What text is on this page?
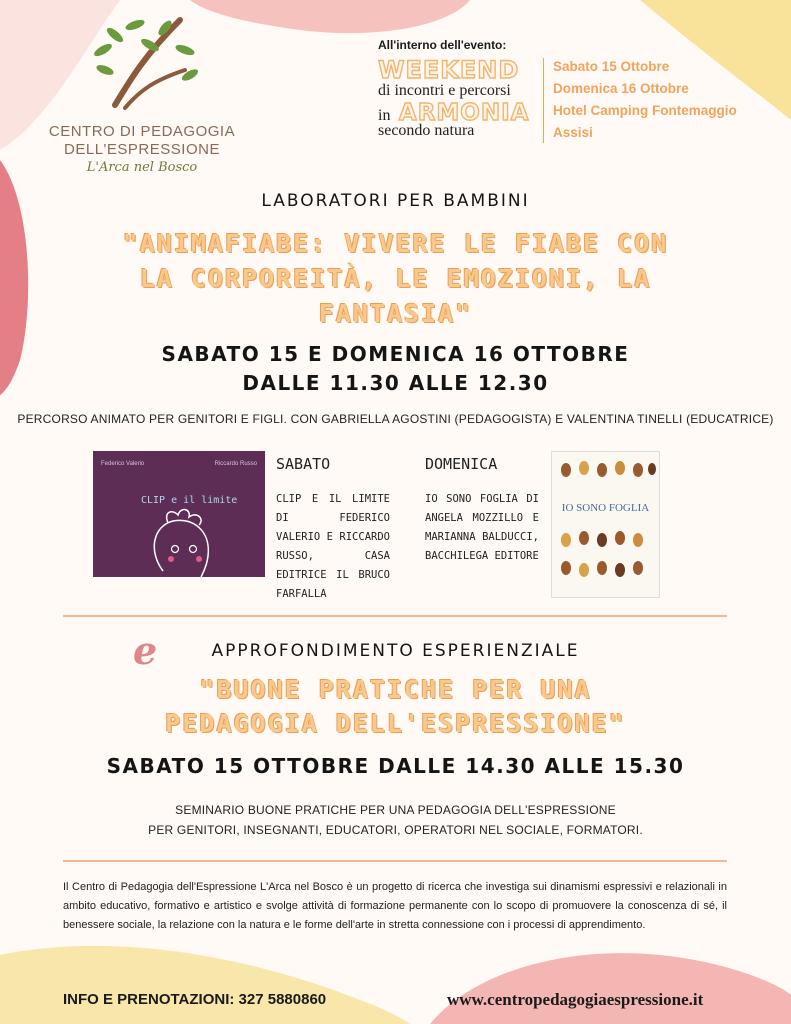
CENTRO DI PEDAGOGIA
DELL'ESPRESSIONE
L'Arca nel Bosco
All'interno dell'evento:
WEEKEND
di incontri e percorsi
in ARMONIA
secondo natura
Sabato 15 Ottobre
Domenica 16 Ottobre
Hotel Camping Fontemaggio
Assisi
LABORATORI PER BAMBINI
"ANIMAFIABE: VIVERE LE FIABE CON
LA CORPOREITÀ, LE EMOZIONI, LA
FANTASIA"
SABATO 15 E DOMENICA 16 OTTOBRE
DALLE 11.30 ALLE 12.30
PERCORSO ANIMATO PER GENITORI E FIGLI. CON GABRIELLA AGOSTINI (PEDAGOGISTA) E VALENTINA TINELLI (EDUCATRICE)
Federico Valerio	Riccardo Russo
CLIP e il limite
SABATO
CLIP E IL LIMITE DI FEDERICO VALERIO E RICCARDO RUSSO, CASA EDITRICE IL BRUCO FARFALLA
DOMENICA
IO SONO FOGLIA DI ANGELA MOZZILLO E MARIANNA BALDUCCI, BACCHILEGA EDITORE
IO SONO FOGLIA
e	APPROFONDIMENTO ESPERIENZIALE
"BUONE PRATICHE PER UNA
PEDAGOGIA DELL'ESPRESSIONE"
SABATO 15 OTTOBRE DALLE 14.30 ALLE 15.30
SEMINARIO BUONE PRATICHE PER UNA PEDAGOGIA DELL'ESPRESSIONE
PER GENITORI, INSEGNANTI, EDUCATORI, OPERATORI NEL SOCIALE, FORMATORI.
Il Centro di Pedagogia dell'Espressione L'Arca nel Bosco è un progetto di ricerca che investiga sui dinamismi espressivi e relazionali in ambito educativo, formativo e artistico e svolge attività di formazione permanente con lo scopo di promuovere la conoscenza di sé, il benessere sociale, la relazione con la natura e le forme dell'arte in stretta connessione con i processi di apprendimento.
INFO E PRENOTAZIONI: 327 5880860	www.centropedagogiaespressione.it
